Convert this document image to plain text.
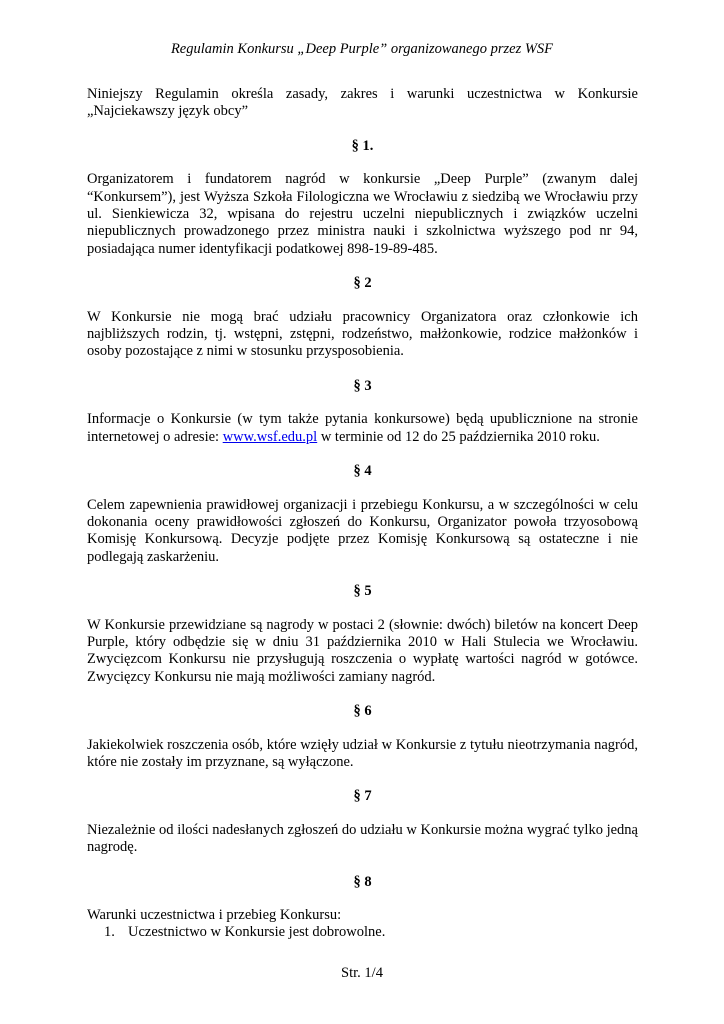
Regulamin Konkursu „Deep Purple” organizowanego przez WSF

Niniejszy Regulamin określa zasady, zakres i warunki uczestnictwa w Konkursie „Najciekawszy język obcy”

§ 1.

Organizatorem i fundatorem nagród w konkursie „Deep Purple” (zwanym dalej “Konkursem”), jest Wyższa Szkoła Filologiczna we Wrocławiu z siedzibą we Wrocławiu przy ul. Sienkiewicza 32, wpisana do rejestru uczelni niepublicznych i związków uczelni niepublicznych prowadzonego przez ministra nauki i szkolnictwa wyższego pod nr 94, posiadająca numer identyfikacji podatkowej 898-19-89-485.

§ 2

W Konkursie nie mogą brać udziału pracownicy Organizatora oraz członkowie ich najbliższych rodzin, tj. wstępni, zstępni, rodzeństwo, małżonkowie, rodzice małżonków i osoby pozostające z nimi w stosunku przysposobienia.

§ 3

Informacje o Konkursie (w tym także pytania konkursowe) będą upublicznione na stronie internetowej o adresie: www.wsf.edu.pl w terminie od 12 do 25 października 2010 roku.

§ 4

Celem zapewnienia prawidłowej organizacji i przebiegu Konkursu, a w szczególności w celu dokonania oceny prawidłowości zgłoszeń do Konkursu, Organizator powoła trzyosobową Komisję Konkursową. Decyzje podjęte przez Komisję Konkursową są ostateczne i nie podlegają zaskarżeniu.

§ 5

W Konkursie przewidziane są nagrody w postaci 2 (słownie: dwóch) biletów na koncert Deep Purple, który odbędzie się w dniu 31 października 2010 w Hali Stulecia we Wrocławiu. Zwycięzcom Konkursu nie przysługują roszczenia o wypłatę wartości nagród w gotówce. Zwycięzcy Konkursu nie mają możliwości zamiany nagród.

§ 6

Jakiekolwiek roszczenia osób, które wzięły udział w Konkursie z tytułu nieotrzymania nagród, które nie zostały im przyznane, są wyłączone.

§ 7

Niezależnie od ilości nadesłanych zgłoszeń do udziału w Konkursie można wygrać tylko jedną nagrodę.

§ 8

Warunki uczestnictwa i przebieg Konkursu:

1. Uczestnictwo w Konkursie jest dobrowolne.
Str. 1/4
